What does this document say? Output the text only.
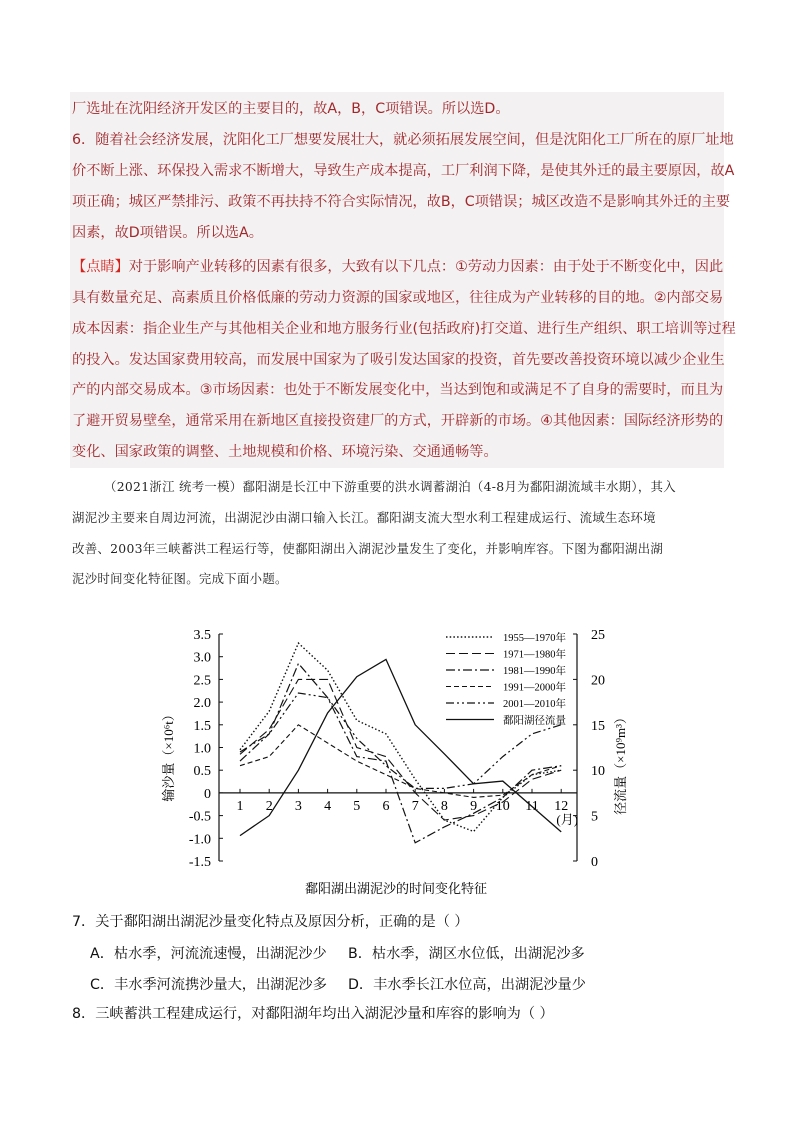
厂选址在沈阳经济开发区的主要目的，故A，B，C项错误。所以选D。
6．随着社会经济发展，沈阳化工厂想要发展壮大，就必须拓展发展空间，但是沈阳化工厂所在的原厂址地
价不断上涨、环保投入需求不断增大，导致生产成本提高，工厂利润下降，是使其外迁的最主要原因，故A
项正确；城区严禁排污、政策不再扶持不符合实际情况，故B，C项错误；城区改造不是影响其外迁的主要
因素，故D项错误。所以选A。
【点睛】对于影响产业转移的因素有很多，大致有以下几点：①劳动力因素：由于处于不断变化中，因此
具有数量充足、高素质且价格低廉的劳动力资源的国家或地区，往往成为产业转移的目的地。②内部交易
成本因素：指企业生产与其他相关企业和地方服务行业(包括政府)打交道、进行生产组织、职工培训等过程
的投入。发达国家费用较高，而发展中国家为了吸引发达国家的投资，首先要改善投资环境以减少企业生
产的内部交易成本。③市场因素：也处于不断发展变化中，当达到饱和或满足不了自身的需要时，而且为
了避开贸易壁垒，通常采用在新地区直接投资建厂的方式，开辟新的市场。④其他因素：国际经济形势的
变化、国家政策的调整、土地规模和价格、环境污染、交通通畅等。
（2021浙江 统考一模）鄱阳湖是长江中下游重要的洪水调蓄湖泊（4-8月为鄱阳湖流域丰水期），其入
湖泥沙主要来自周边河流，出湖泥沙由湖口输入长江。鄱阳湖支流大型水利工程建成运行、流域生态环境
改善、2003年三峡蓄洪工程运行等，使鄱阳湖出入湖泥沙量发生了变化，并影响库容。下图为鄱阳湖出湖
泥沙时间变化特征图。完成下面小题。
3.5
3.0
2.5
2.0
1.5
1.0
0.5
0
-0.5
-1.0
-1.5
25
20
15
10
5
0
1 2 3 4 5 6 7 8 9 10 11 12
(月)
输沙量（×10⁶t）	径流量（×10⁹m³）
1955—1970年
1971—1980年
1981—1990年
1991—2000年
2001—2010年
鄱阳湖径流量
鄱阳湖出湖泥沙的时间变化特征
7．关于鄱阳湖出湖泥沙量变化特点及原因分析，正确的是（ ）
A．枯水季，河流流速慢，出湖泥沙少 B．枯水季，湖区水位低，出湖泥沙多
C．丰水季河流携沙量大，出湖泥沙多 D．丰水季长江水位高，出湖泥沙量少
8．三峡蓄洪工程建成运行，对鄱阳湖年均出入湖泥沙量和库容的影响为（ ）
